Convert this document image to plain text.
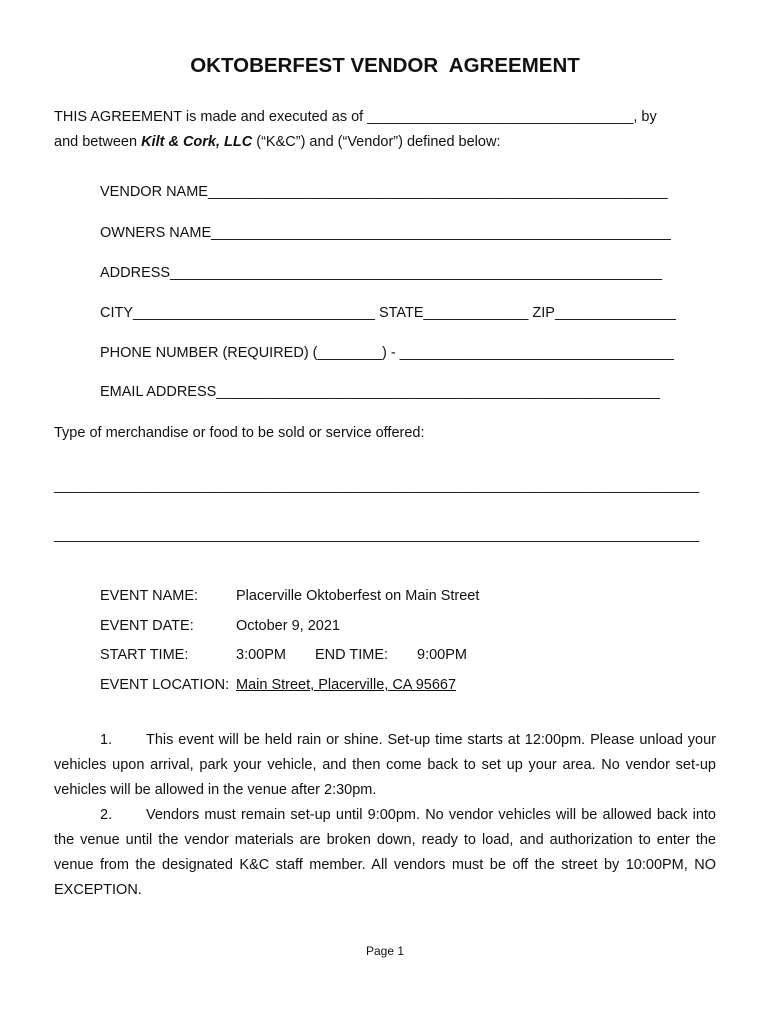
OKTOBERFEST VENDOR  AGREEMENT
THIS AGREEMENT is made and executed as of _________________________________, by
and between Kilt & Cork, LLC (“K&C”) and (“Vendor”) defined below:
VENDOR NAME_________________________________________________________
OWNERS NAME_________________________________________________________
ADDRESS_____________________________________________________________
CITY______________________________ STATE_____________ ZIP_______________
PHONE NUMBER (REQUIRED) (________) - __________________________________
EMAIL ADDRESS_______________________________________________________
Type of merchandise or food to be sold or service offered:
________________________________________________________________________________
________________________________________________________________________________
EVENT NAME:	Placerville Oktoberfest on Main Street
EVENT DATE:	October 9, 2021
START TIME:	3:00PM END TIME: 9:00PM
EVENT LOCATION: Main Street, Placerville, CA 95667

1. This event will be held rain or shine. Set-up time starts at 12:00pm. Please unload your vehicles upon arrival, park your vehicle, and then come back to set up your area. No vendor set-up vehicles will be allowed in the venue after 2:30pm.

2. Vendors must remain set-up until 9:00pm. No vendor vehicles will be allowed back into the venue until the vendor materials are broken down, ready to load, and authorization to enter the venue from the designated K&C staff member. All vendors must be off the street by 10:00PM, NO EXCEPTION.

Page 1
